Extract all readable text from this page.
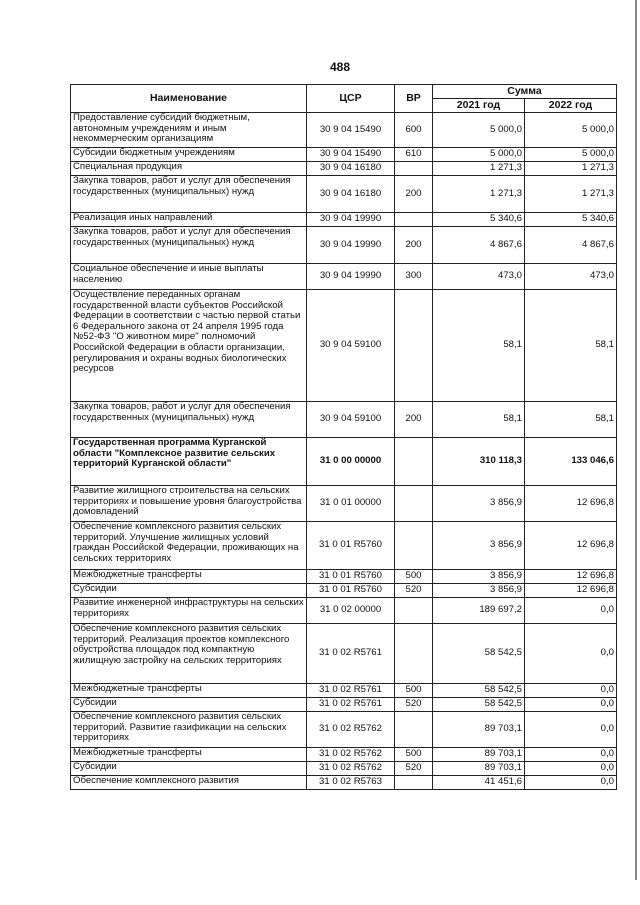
488
Наименование	ЦСР	ВР	Сумма	
			2021 год	2022 год
Предоставление субсидий бюджетным, автономным учреждениям и иным некоммерческим организациям	30 9 04 15490	600	5 000,0	5 000,0
Субсидии бюджетным учреждениям	30 9 04 15490	610	5 000,0	5 000,0
Специальная продукция	30 9 04 16180		1 271,3	1 271,3
Закупка товаров, работ и услуг для обеспечения государственных (муниципальных) нужд	30 9 04 16180	200	1 271,3	1 271,3
Реализация иных направлений	30 9 04 19990		5 340,6	5 340,6
Закупка товаров, работ и услуг для обеспечения государственных (муниципальных) нужд	30 9 04 19990	200	4 867,6	4 867,6
Социальное обеспечение и иные выплаты населению	30 9 04 19990	300	473,0	473,0
Осуществление переданных органам государственной власти субъектов Российской Федерации в соответствии с частью первой статьи 6 Федерального закона от 24 апреля 1995 года №52-ФЗ "О животном мире" полномочий Российской Федерации в области организации, регулирования и охраны водных биологических ресурсов	30 9 04 59100		58,1	58,1
Закупка товаров, работ и услуг для обеспечения государственных (муниципальных) нужд	30 9 04 59100	200	58,1	58,1
Государственная программа Курганской области "Комплексное развитие сельских территорий Курганской области"	31 0 00 00000		310 118,3	133 046,6
Развитие жилищного строительства на сельских территориях и повышение уровня благоустройства домовладений	31 0 01 00000		3 856,9	12 696,8
Обеспечение комплексного развития сельских территорий. Улучшение жилищных условий граждан Российской Федерации, проживающих на сельских территориях	31 0 01 R5760		3 856,9	12 696,8
Межбюджетные трансферты	31 0 01 R5760	500	3 856,9	12 696,8
Субсидии	31 0 01 R5760	520	3 856,9	12 696,8
Развитие инженерной инфраструктуры на сельских территориях	31 0 02 00000		189 697,2	0,0
Обеспечение комплексного развития сельских территорий. Реализация проектов комплексного обустройства площадок под компактную жилищную застройку на сельских территориях	31 0 02 R5761		58 542,5	0,0
Межбюджетные трансферты	31 0 02 R5761	500	58 542,5	0,0
Субсидии	31 0 02 R5761	520	58 542,5	0,0
Обеспечение комплексного развития сельских территорий. Развитие газификации на сельских территориях	31 0 02 R5762		89 703,1	0,0
Межбюджетные трансферты	31 0 02 R5762	500	89 703,1	0,0
Субсидии	31 0 02 R5762	520	89 703,1	0,0
Обеспечение комплексного развития	31 0 02 R5763		41 451,6	0,0
